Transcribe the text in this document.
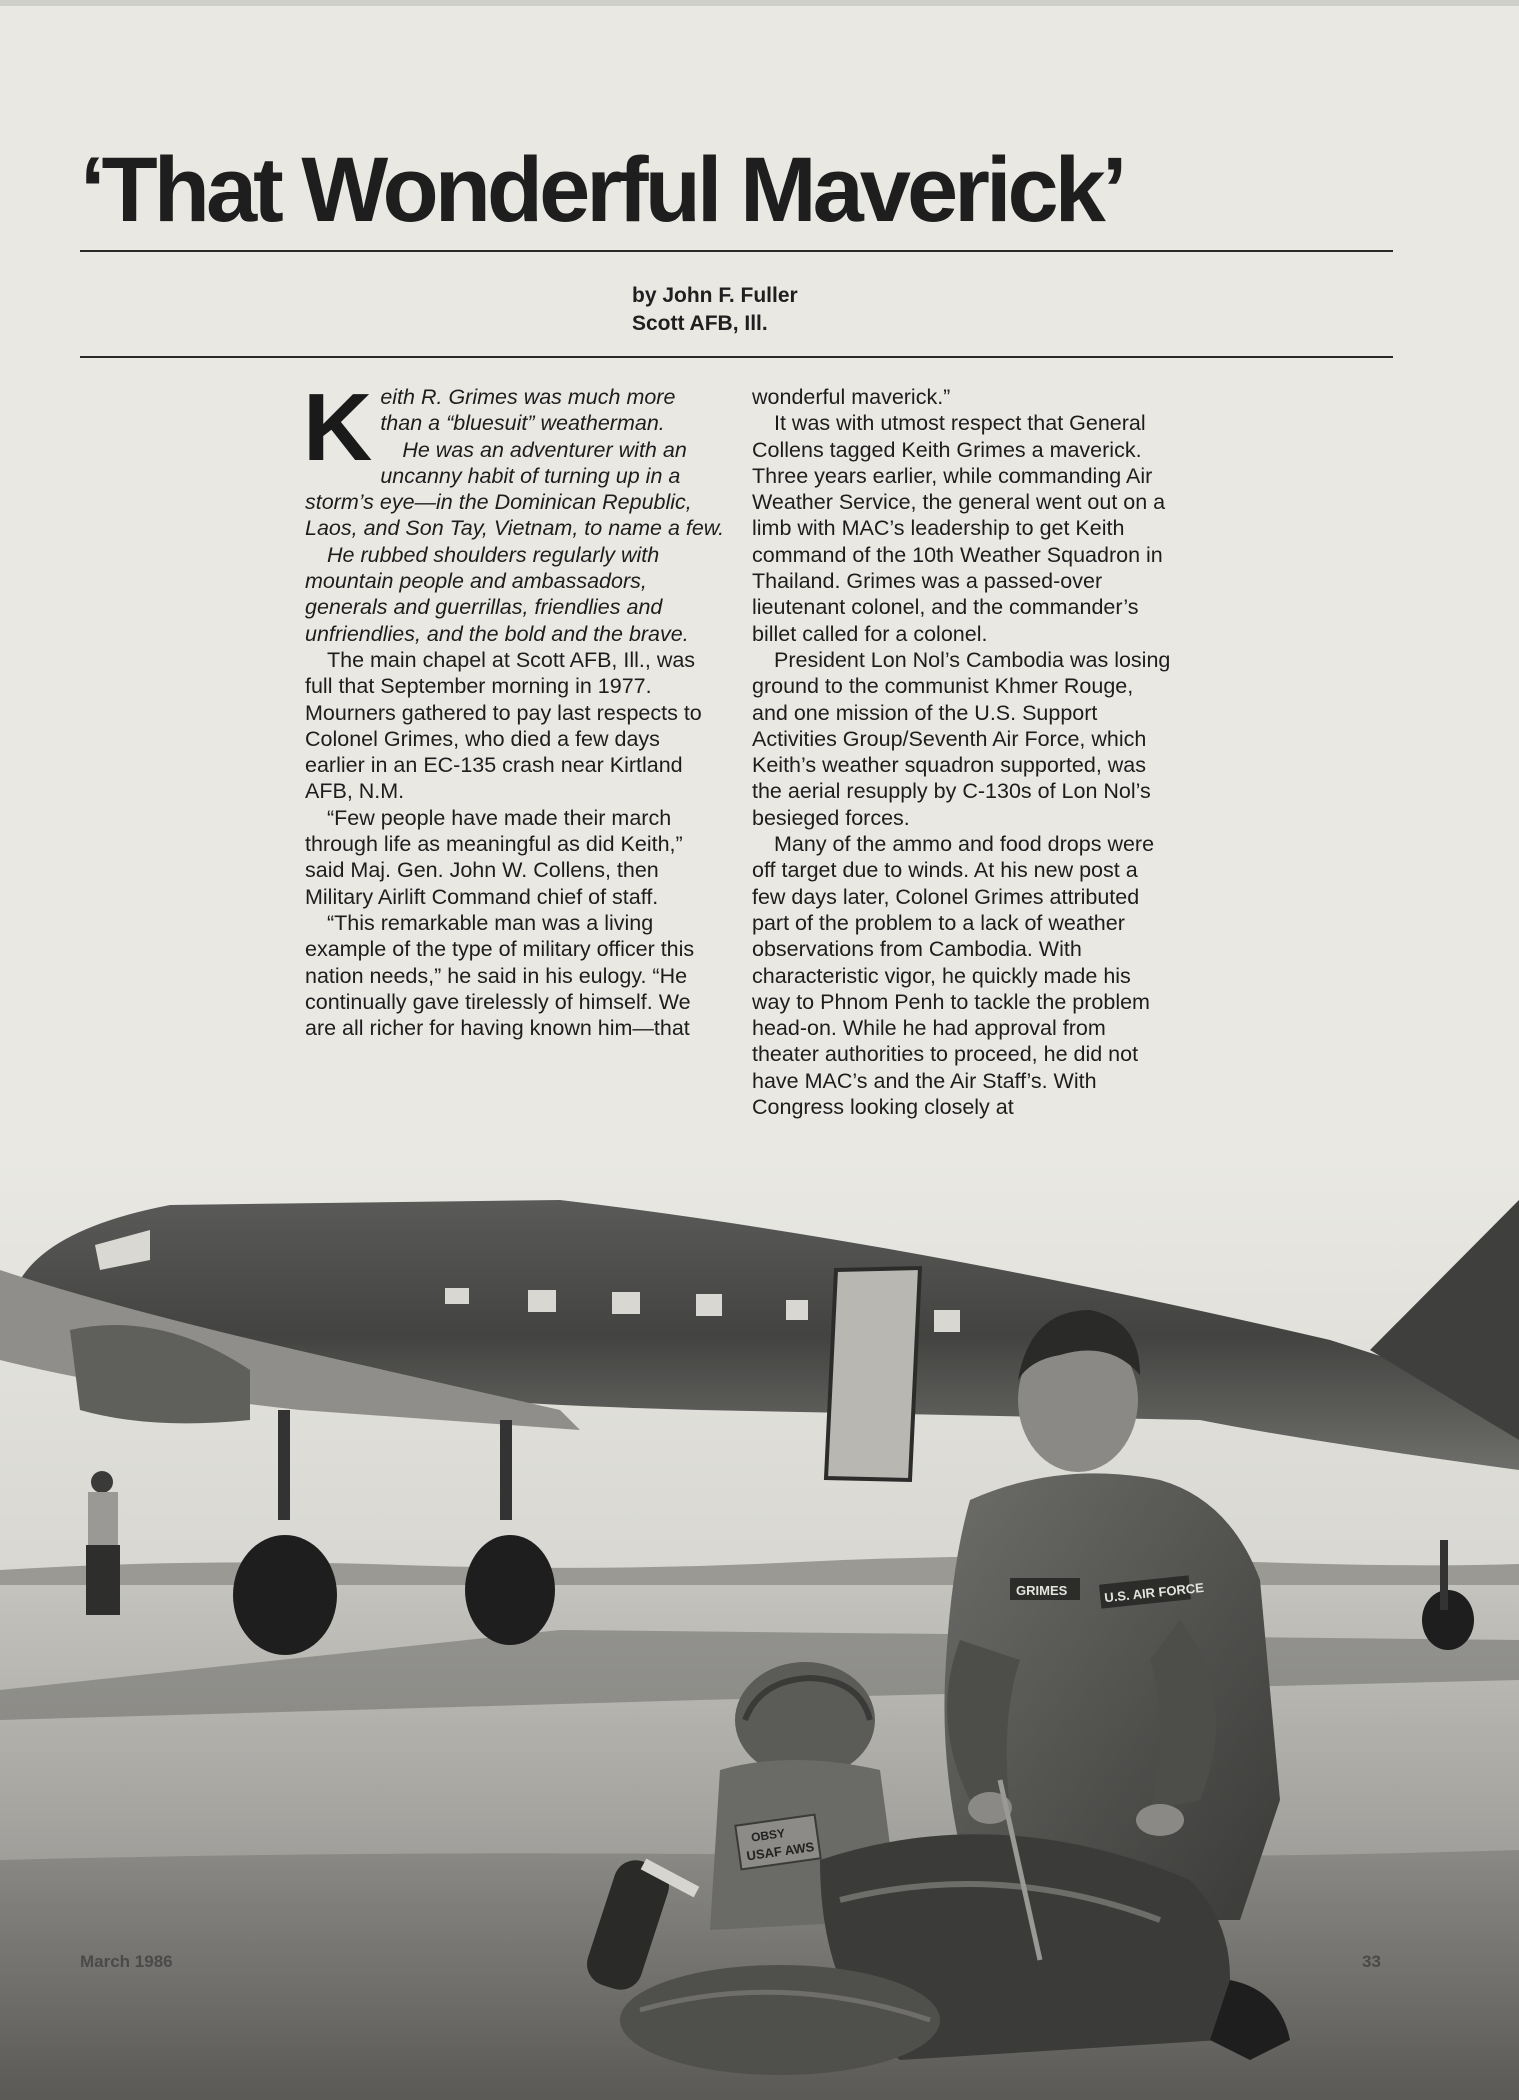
‘That Wonderful Maverick’
by John F. Fuller
Scott AFB, Ill.

K eith R. Grimes was much more
than a “bluesuit” weatherman.
He was an adventurer with an uncanny habit of turning up in a storm’s eye—in the Dominican Republic, Laos, and Son Tay, Vietnam, to name a few.

He rubbed shoulders regularly with mountain people and ambassadors, generals and guerrillas, friendlies and unfriendlies, and the bold and the brave.

The main chapel at Scott AFB, Ill., was full that September morning in 1977. Mourners gathered to pay last respects to Colonel Grimes, who died a few days earlier in an EC-135 crash near Kirtland AFB, N.M.

“Few people have made their march through life as meaningful as did Keith,” said Maj. Gen. John W. Collens, then Military Airlift Command chief of staff.

“This remarkable man was a living example of the type of military officer this nation needs,” he said in his eulogy. “He continually gave tirelessly of himself. We are all richer for having known him—that

wonderful maverick.”

It was with utmost respect that General Collens tagged Keith Grimes a maverick. Three years earlier, while commanding Air Weather Service, the general went out on a limb with MAC’s leadership to get Keith command of the 10th Weather Squadron in Thailand. Grimes was a passed-over lieutenant colonel, and the commander’s billet called for a colonel.

President Lon Nol’s Cambodia was losing ground to the communist Khmer Rouge, and one mission of the U.S. Support Activities Group/Seventh Air Force, which Keith’s weather squadron supported, was the aerial resupply by C-130s of Lon Nol’s besieged forces.

Many of the ammo and food drops were off target due to winds. At his new post a few days later, Colonel Grimes attributed part of the problem to a lack of weather observations from Cambodia. With characteristic vigor, he quickly made his way to Phnom Penh to tackle the problem head-on. While he had approval from theater authorities to proceed, he did not have MAC’s and the Air Staff’s. With Congress looking closely at

GRIMES	U.S. AIR FORCE
OBSY
USAF AWS
March 1986	33
